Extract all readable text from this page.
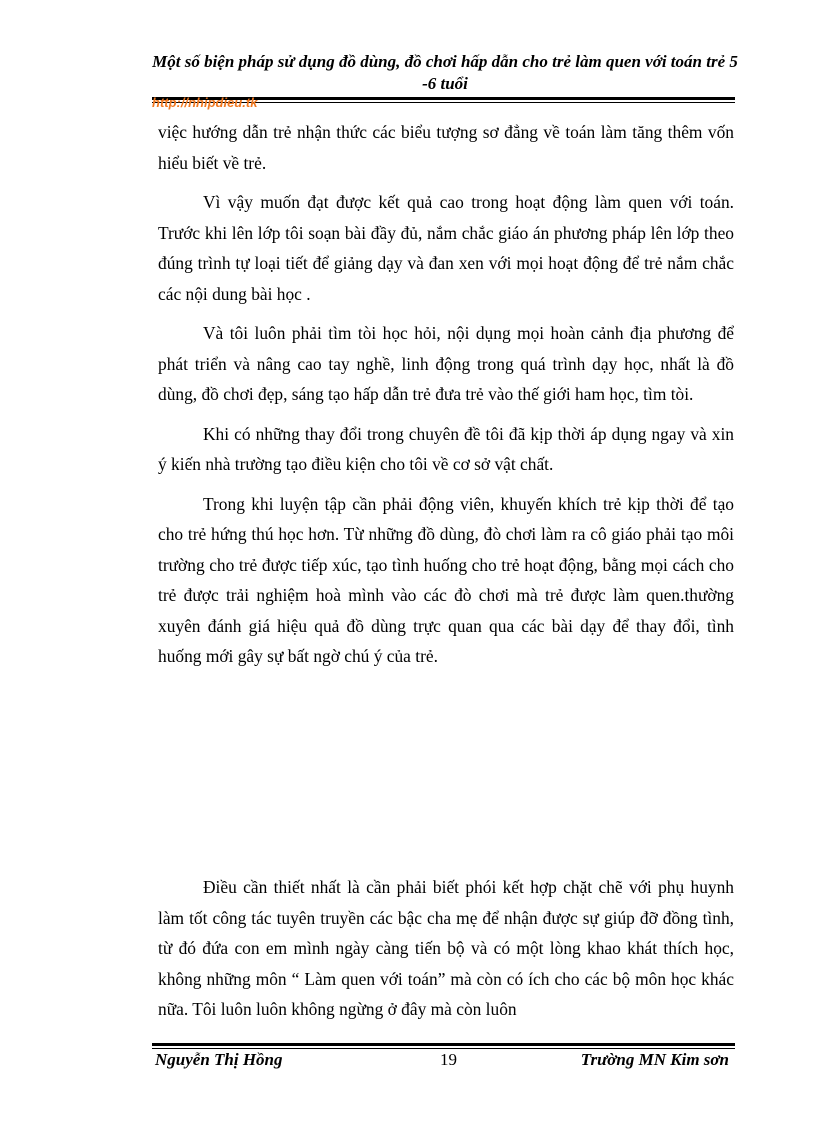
Một số biện pháp sử dụng đồ dùng, đồ chơi hấp dẫn cho trẻ làm quen với toán trẻ 5 -6 tuổi
http://nhipdieu.tk

việc hướng dẫn trẻ nhận thức các biểu tượng sơ đẳng về toán làm tăng thêm vốn hiểu biết về trẻ.

Vì vậy muốn đạt được kết quả cao trong hoạt động làm quen với toán. Trước khi lên lớp tôi soạn bài đầy đủ, nắm chắc giáo án phương pháp lên lớp theo đúng trình tự loại tiết để giảng dạy và đan xen với mọi hoạt động để trẻ nắm chắc các nội dung bài học .

Và tôi luôn phải tìm tòi học hỏi, nội dụng mọi hoàn cảnh địa phương để phát triển và nâng cao tay nghề, linh động trong quá trình dạy học, nhất là đồ dùng, đồ chơi đẹp, sáng tạo hấp dẫn trẻ đưa trẻ vào thế giới ham học, tìm tòi.

Khi có những thay đổi trong chuyên đề tôi đã kịp thời áp dụng ngay và xin ý kiến nhà trường tạo điều kiện cho tôi về cơ sở vật chất.

Trong khi luyện tập cần phải động viên, khuyến khích trẻ kịp thời để tạo cho trẻ hứng thú học hơn. Từ những đồ dùng, đò chơi làm ra cô giáo phải tạo môi trường cho trẻ được tiếp xúc, tạo tình huống cho trẻ hoạt động, bằng mọi cách cho trẻ được trải nghiệm hoà mình vào các đò chơi mà trẻ được làm quen.thường xuyên đánh giá hiệu quả đồ dùng trực quan qua các bài dạy để thay đổi, tình huống mới gây sự bất ngờ chú ý của trẻ.

Điều cần thiết nhất là cần phải biết phói kết hợp chặt chẽ với phụ huynh làm tốt công tác tuyên truyền các bậc cha mẹ để nhận được sự giúp đỡ đồng tình, từ đó đứa con em mình ngày càng tiến bộ và có một lòng khao khát thích học, không những môn “ Làm quen với toán” mà còn có ích cho các bộ môn học khác nữa. Tôi luôn luôn không ngừng ở đây mà còn luôn

Nguyễn Thị Hồng	19	Trường MN Kim sơn
